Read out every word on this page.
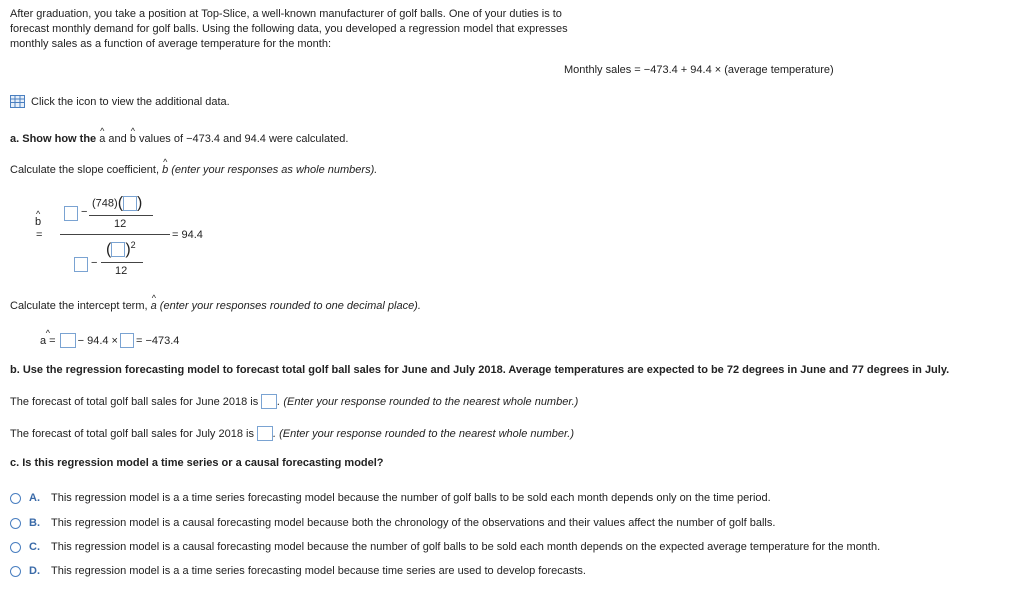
After graduation, you take a position at Top-Slice, a well-known manufacturer of golf balls. One of your duties is to
forecast monthly demand for golf balls. Using the following data, you developed a regression model that expresses
monthly sales as a function of average temperature for the month:
Monthly sales = −473.4 + 94.4 × (average temperature)
Click the icon to view the additional data.
a. Show how the ^ a and ^ b values of −473.4 and 94.4 were calculated.
Calculate the slope coefficient, ^ b (enter your responses as whole numbers).
^ b
=
−
(748)( )
12
= 94.4
−
( )$^2$
12
Calculate the intercept term, ^ a (enter your responses rounded to one decimal place).
^ a = − 94.4 × = −473.4
b. Use the regression forecasting model to forecast total golf ball sales for June and July 2018. Average temperatures are expected to be 72 degrees in June and 77 degrees in July.
The forecast of total golf ball sales for June 2018 is . (Enter your response rounded to the nearest whole number.)
The forecast of total golf ball sales for July 2018 is . (Enter your response rounded to the nearest whole number.)
c. Is this regression model a time series or a causal forecasting model?
A.	This regression model is a a time series forecasting model because the number of golf balls to be sold each month depends only on the time period.
B.	This regression model is a causal forecasting model because both the chronology of the observations and their values affect the number of golf balls.
C.	This regression model is a causal forecasting model because the number of golf balls to be sold each month depends on the expected average temperature for the month.
D.	This regression model is a a time series forecasting model because time series are used to develop forecasts.
